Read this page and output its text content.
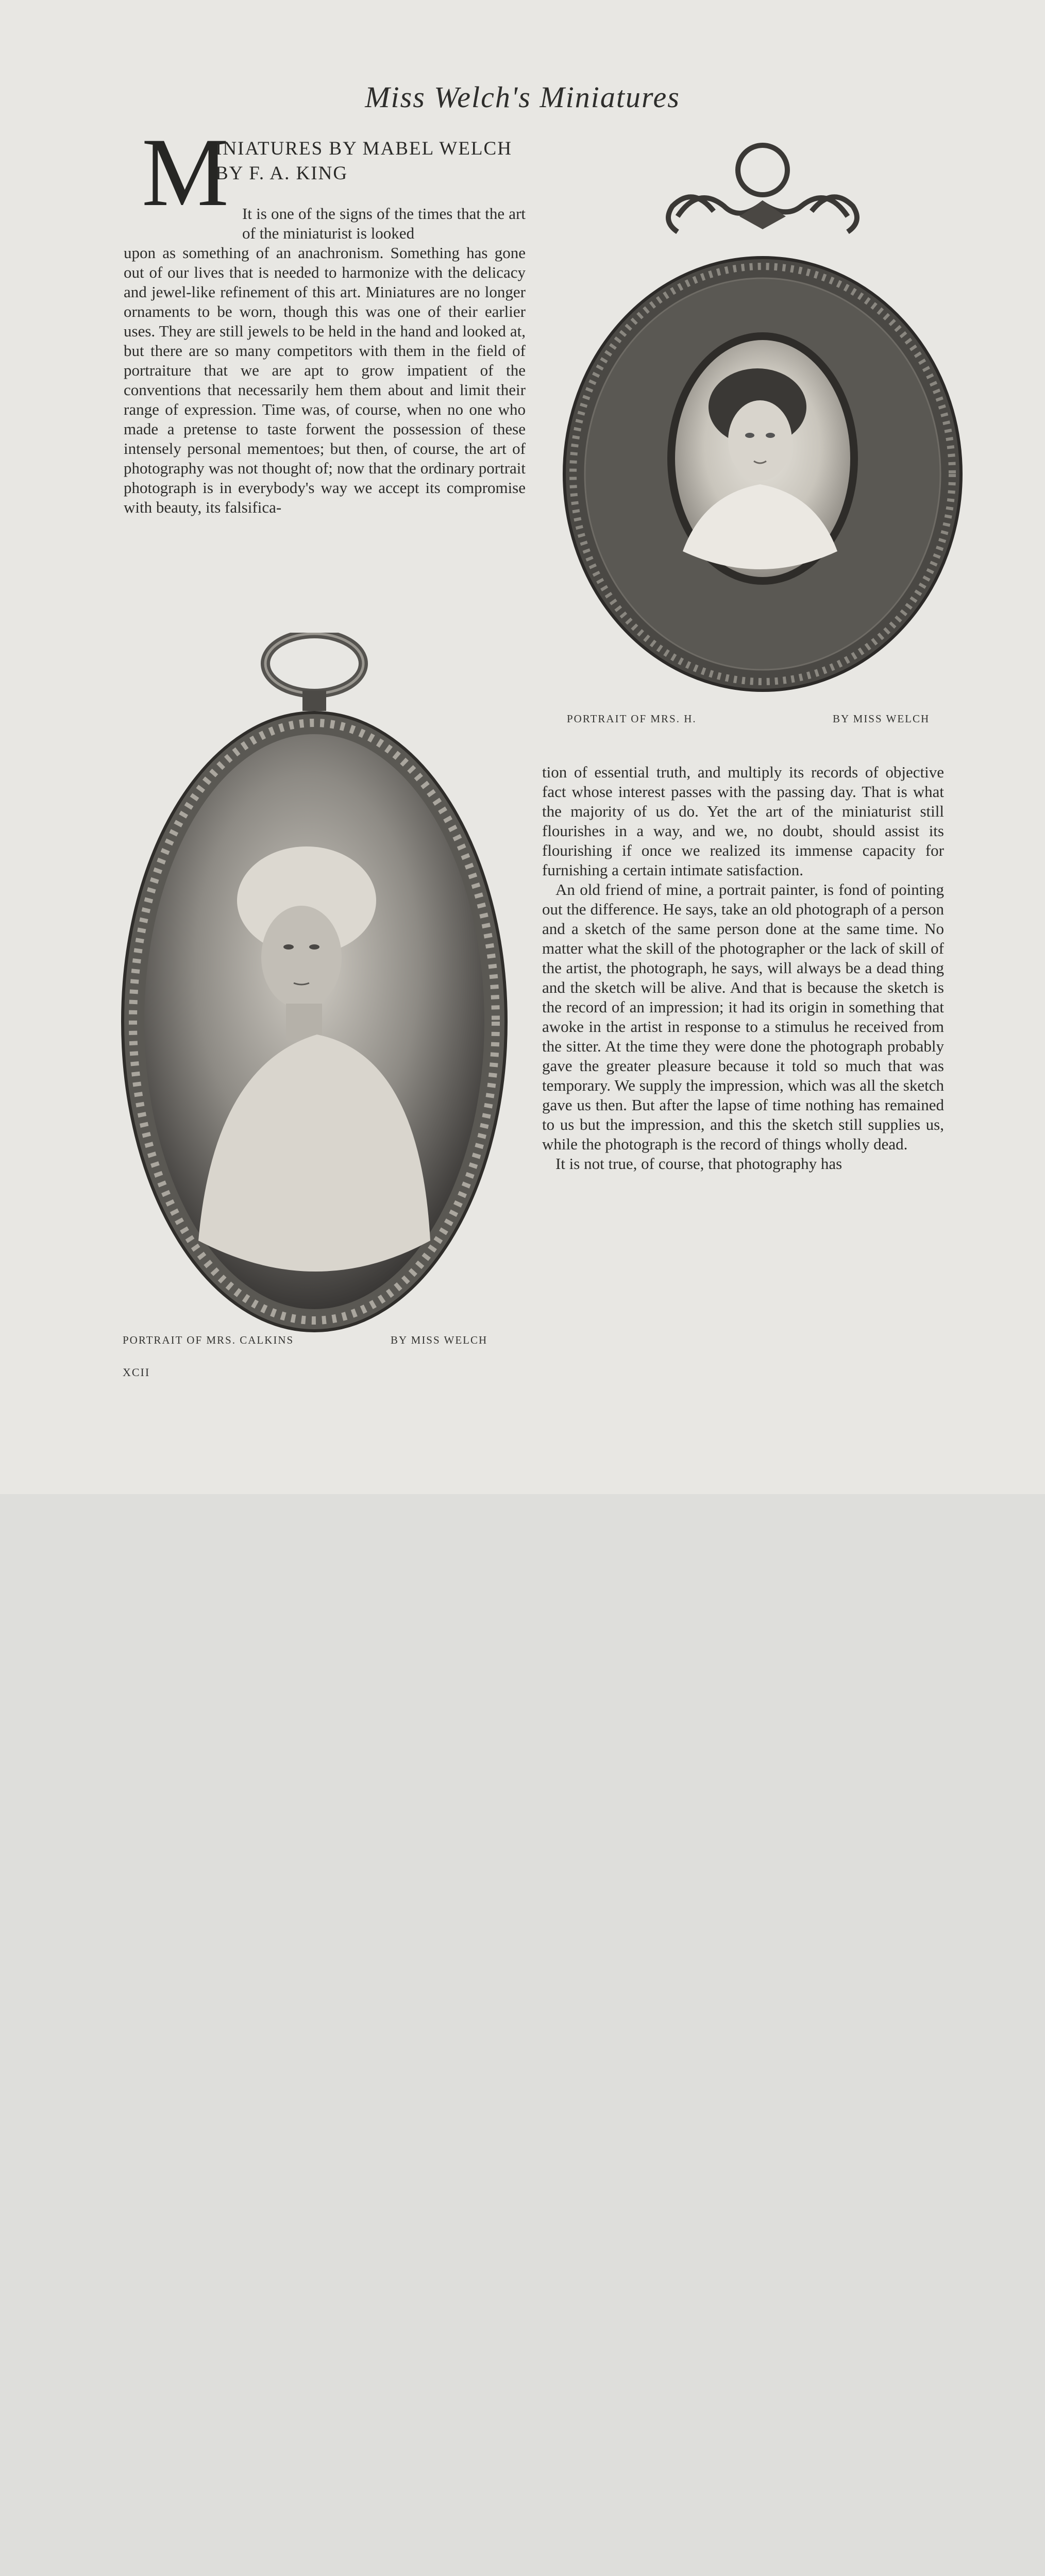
Miss Welch's Miniatures
M
INIATURES BY MABEL WELCH
BY F. A. KING

It is one of the signs of the times that the art of the miniaturist is looked

upon as something of an anachronism. Something has gone out of our lives that is needed to harmonize with the delicacy and jewel-like refinement of this art. Miniatures are no longer ornaments to be worn, though this was one of their earlier uses. They are still jewels to be held in the hand and looked at, but there are so many competitors with them in the field of portraiture that we are apt to grow impatient of the conventions that necessarily hem them about and limit their range of expression. Time was, of course, when no one who made a pretense to taste forwent the possession of these intensely personal mementoes; but then, of course, the art of photography was not thought of; now that the ordinary portrait photograph is in everybody's way we accept its compromise with beauty, its falsifica-

PORTRAIT OF MRS. H.	BY MISS WELCH
PORTRAIT OF MRS. CALKINS	BY MISS WELCH

tion of essential truth, and multiply its records of objective fact whose interest passes with the passing day. That is what the majority of us do. Yet the art of the miniaturist still flourishes in a way, and we, no doubt, should assist its flourishing if once we realized its immense capacity for furnishing a certain intimate satisfaction.

An old friend of mine, a portrait painter, is fond of pointing out the difference. He says, take an old photograph of a person and a sketch of the same person done at the same time. No matter what the skill of the photographer or the lack of skill of the artist, the photograph, he says, will always be a dead thing and the sketch will be alive. And that is because the sketch is the record of an impression; it had its origin in something that awoke in the artist in response to a stimulus he received from the sitter. At the time they were done the photograph probably gave the greater pleasure because it told so much that was temporary. We supply the impression, which was all the sketch gave us then. But after the lapse of time nothing has remained to us but the impression, and this the sketch still supplies us, while the photograph is the record of things wholly dead.

It is not true, of course, that photography has

XCII
